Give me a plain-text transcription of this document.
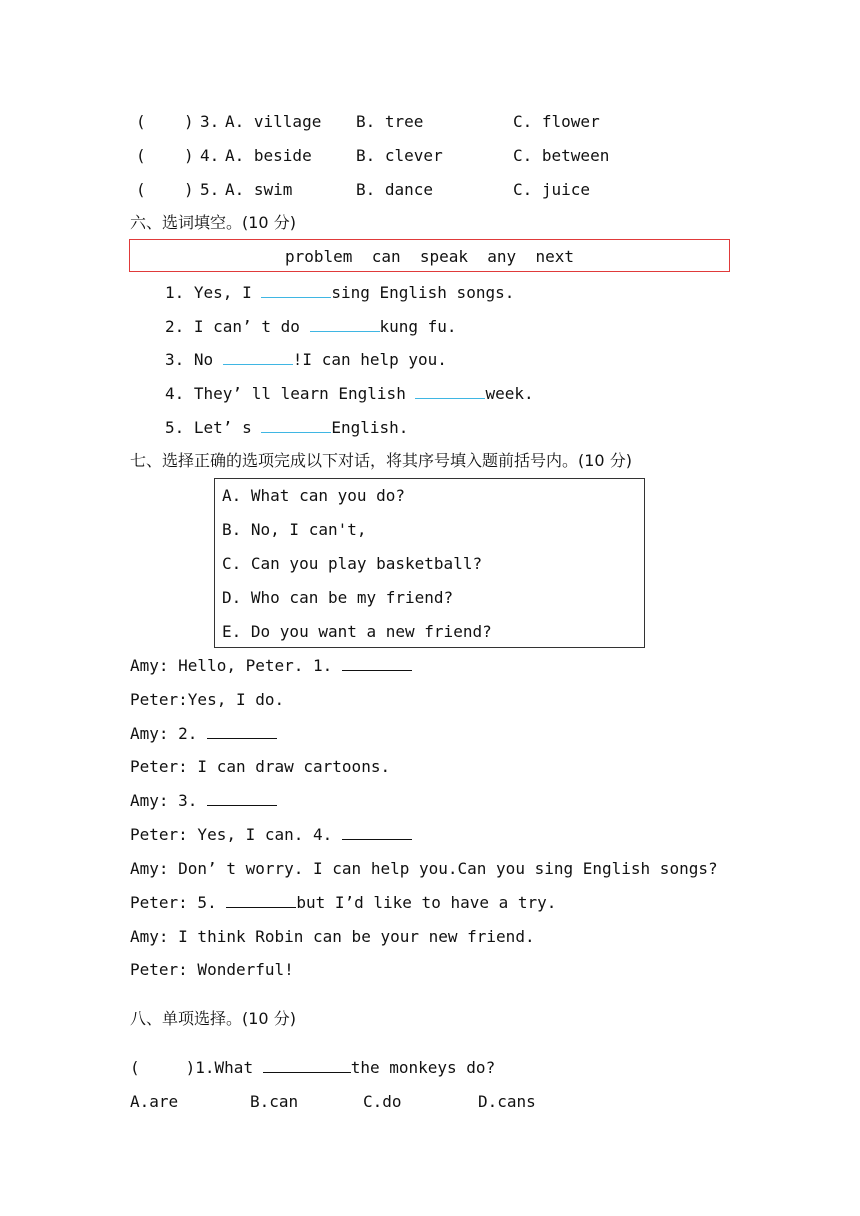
( ) 3. A. village B. tree	C. flower
( ) 4. A. beside	B. clever	C. between
( ) 5. A. swim	B. dance	C. juice
六、选词填空。(10 分)
problem  can  speak  any  next
1. Yes, I	sing English songs.
2. I can’ t do	kung fu.
3. No	!I can help you.
4. They’ ll learn English	week.
5. Let’ s	English.
七、选择正确的选项完成以下对话，将其序号填入题前括号内。(10 分)
A. What can you do?
B. No, I can't,
C. Can you play basketball?
D. Who can be my friend?
E. Do you want a new friend?
Amy: Hello, Peter. 1.
Peter:Yes, I do.
Amy: 2.
Peter: I can draw cartoons.
Amy: 3.
Peter: Yes, I can. 4.
Amy: Don’ t worry. I can help you.Can you sing English songs?
Peter: 5.	but I’d like to have a try.
Amy: I think Robin can be your new friend.
Peter: Wonderful!
八、单项选择。(10 分)
(	)1.What	the monkeys do?
A.are	B.can	C.do	D.cans
